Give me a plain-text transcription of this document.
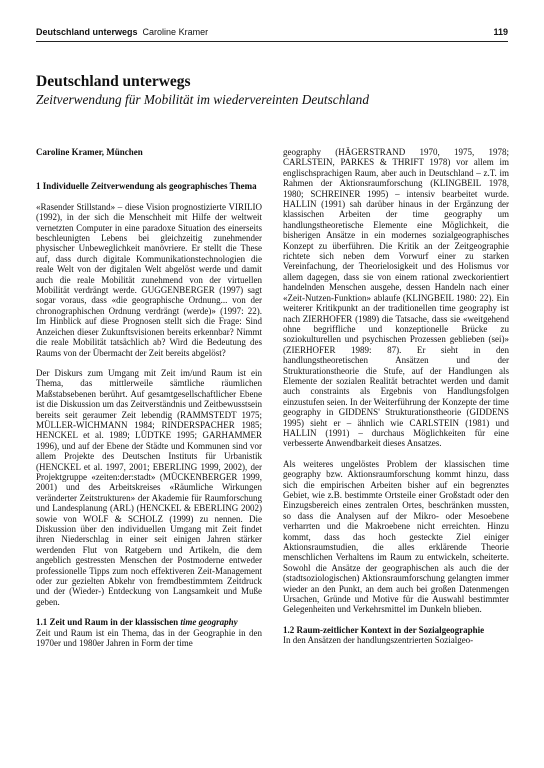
Deutschland unterwegs Caroline Kramer	119
Deutschland unterwegs
Zeitverwendung für Mobilität im wiedervereinten Deutschland

Caroline Kramer, München

1 Individuelle Zeitverwendung als geographisches Thema

«Rasender Stillstand» – diese Vision prognostizierte VIRILIO (1992), in der sich die Menschheit mit Hilfe der weltweit vernetzten Computer in eine paradoxe Situation des einerseits beschleunigten Lebens bei gleichzeitig zunehmender physischer Unbeweglichkeit manövriere. Er stellt die These auf, dass durch digitale Kommunikationstechnologien die reale Welt von der digitalen Welt abgelöst werde und damit auch die reale Mobilität zunehmend von der virtuellen Mobilität verdrängt werde. GUGGENBERGER (1997) sagt sogar voraus, dass «die geographische Ordnung... von der chronographischen Ordnung verdrängt (werde)» (1997: 22). Im Hinblick auf diese Prognosen stellt sich die Frage: Sind Anzeichen dieser Zukunftsvisionen bereits erkennbar? Nimmt die reale Mobilität tatsächlich ab? Wird die Bedeutung des Raums von der Übermacht der Zeit bereits abgelöst?

Der Diskurs zum Umgang mit Zeit im/und Raum ist ein Thema, das mittlerweile sämtliche räumlichen Maßstabsebenen berührt. Auf gesamtgesellschaftlicher Ebene ist die Diskussion um das Zeitverständnis und Zeitbewusstsein bereits seit geraumer Zeit lebendig (RAMMSTEDT 1975; MÜLLER-WICHMANN 1984; RINDERSPACHER 1985; HENCKEL et al. 1989; LÜDTKE 1995; GARHAMMER 1996), und auf der Ebene der Städte und Kommunen sind vor allem Projekte des Deutschen Instituts für Urbanistik (HENCKEL et al. 1997, 2001; EBERLING 1999, 2002), der Projektgruppe «zeiten:der:stadt» (MÜCKENBERGER 1999, 2001) und des Arbeitskreises «Räumliche Wirkungen veränderter Zeitstrukturen» der Akademie für Raumforschung und Landesplanung (ARL) (HENCKEL & EBERLING 2002) sowie von WOLF & SCHOLZ (1999) zu nennen. Die Diskussion über den individuellen Umgang mit Zeit findet ihren Niederschlag in einer seit einigen Jahren stärker werdenden Flut von Ratgebern und Artikeln, die dem angeblich gestressten Menschen der Postmoderne entweder professionelle Tipps zum noch effektiveren Zeit-Management oder zur gezielten Abkehr von fremdbestimmtem Zeitdruck und der (Wieder-) Entdeckung von Langsamkeit und Muße geben.

1.1 Zeit und Raum in der klassischen time geography

Zeit und Raum ist ein Thema, das in der Geographie in den 1970er und 1980er Jahren in Form der time

geography (HÄGERSTRAND 1970, 1975, 1978; CARLSTEIN, PARKES & THRIFT 1978) vor allem im englischsprachigen Raum, aber auch in Deutschland – z.T. im Rahmen der Aktionsraumforschung (KLINGBEIL 1978, 1980; SCHREINER 1995) – intensiv bearbeitet wurde. HALLIN (1991) sah darüber hinaus in der Ergänzung der klassischen Arbeiten der time geography um handlungstheoretische Elemente eine Möglichkeit, die bisherigen Ansätze in ein modernes sozialgeographisches Konzept zu überführen. Die Kritik an der Zeitgeographie richtete sich neben dem Vorwurf einer zu starken Vereinfachung, der Theorielosigkeit und des Holismus vor allem dagegen, dass sie von einem rational zweckorientiert handelnden Menschen ausgehe, dessen Handeln nach einer «Zeit-Nutzen-Funktion» ablaufe (KLINGBEIL 1980: 22). Ein weiterer Kritikpunkt an der traditionellen time geography ist nach ZIERHOFER (1989) die Tatsache, dass sie «weitgehend ohne begriffliche und konzeptionelle Brücke zu soziokulturellen und psychischen Prozessen geblieben (sei)» (ZIERHOFER 1989: 87). Er sieht in den handlungstheoretischen Ansätzen und der Strukturationstheorie die Stufe, auf der Handlungen als Elemente der sozialen Realität betrachtet werden und damit auch constraints als Ergebnis von Handlungsfolgen einzustufen seien. In der Weiterführung der Konzepte der time geography in GIDDENS' Strukturationstheorie (GIDDENS 1995) sieht er – ähnlich wie CARLSTEIN (1981) und HALLIN (1991) – durchaus Möglichkeiten für eine verbesserte Anwendbarkeit dieses Ansatzes.

Als weiteres ungelöstes Problem der klassischen time geography bzw. Aktionsraumforschung kommt hinzu, dass sich die empirischen Arbeiten bisher auf ein begrenztes Gebiet, wie z.B. bestimmte Ortsteile einer Großstadt oder den Einzugsbereich eines zentralen Ortes, beschränken mussten, so dass die Analysen auf der Mikro- oder Mesoebene verharrten und die Makroebene nicht erreichten. Hinzu kommt, dass das hoch gesteckte Ziel einiger Aktionsraumstudien, die alles erklärende Theorie menschlichen Verhaltens im Raum zu entwickeln, scheiterte. Sowohl die Ansätze der geographischen als auch die der (stadtsoziologischen) Aktionsraumforschung gelangten immer wieder an den Punkt, an dem auch bei großen Datenmengen Ursachen, Gründe und Motive für die Auswahl bestimmter Gelegenheiten und Verkehrsmittel im Dunkeln blieben.

1.2 Raum-zeitlicher Kontext in der Sozialgeographie

In den Ansätzen der handlungszentrierten Sozialgeo-
